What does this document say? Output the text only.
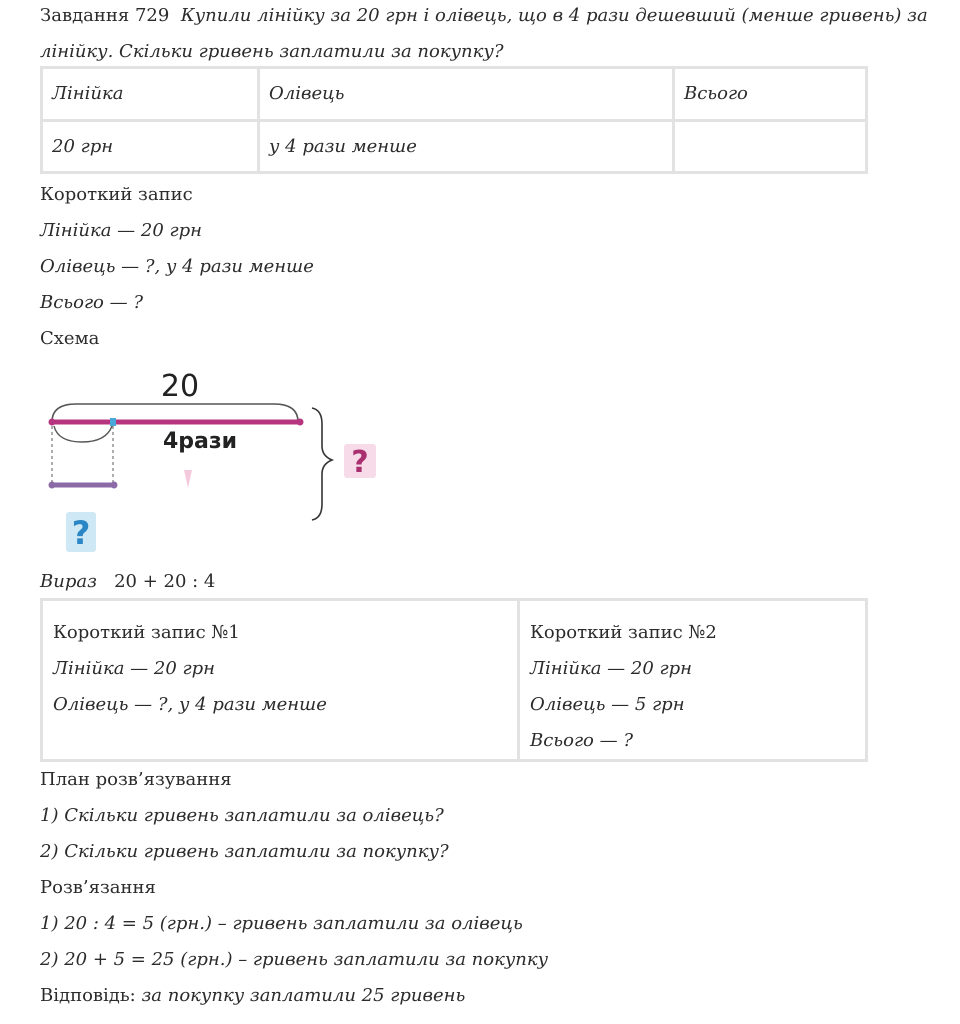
Завдання 729 Купили лінійку за 20 грн і олівець, що в 4 рази дешевший (менше гривень) за
лінійку. Скільки гривень заплатили за покупку?
Лінійка	Олівець	Всього
20 грн	у 4 рази менше	
Короткий запис
Лінійка — 20 грн
Олівець — ?, у 4 рази менше
Всього — ?
Схема
20
4рази
?
?
Вираз 20 + 20 : 4
Короткий запис №1
Лінійка — 20 грн
Олівець — ?, у 4 рази менше

Короткий запис №2
Лінійка — 20 грн
Олівець — 5 грн
Всього — ?
План розв’язування
1) Скільки гривень заплатили за олівець?
2) Скільки гривень заплатили за покупку?
Розв’язання
1) 20 : 4 = 5 (грн.) – гривень заплатили за олівець
2) 20 + 5 = 25 (грн.) – гривень заплатили за покупку
Відповідь: за покупку заплатили 25 гривень
